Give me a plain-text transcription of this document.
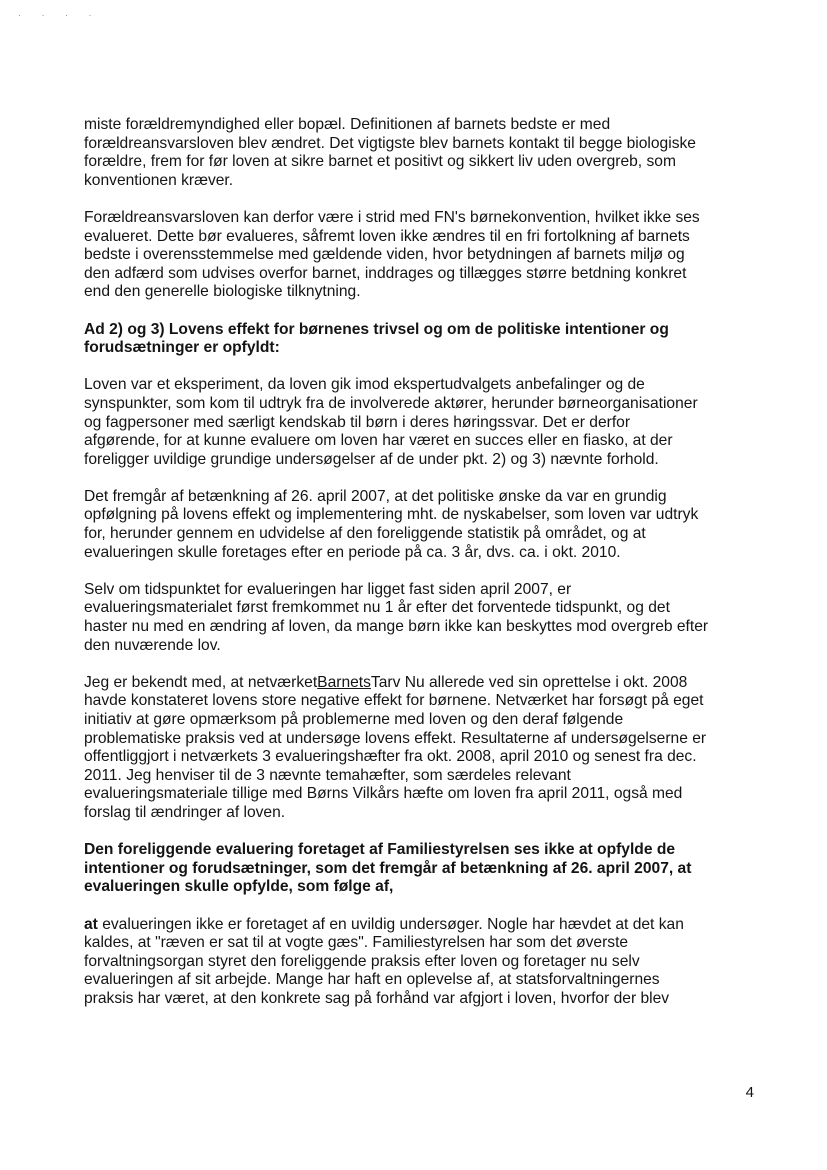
· · · ·

miste forældremyndighed eller bopæl. Definitionen af barnets bedste er med
forældreansvarsloven blev ændret. Det vigtigste blev barnets kontakt til begge biologiske
forældre, frem for før loven at sikre barnet et positivt og sikkert liv uden overgreb, som
konventionen kræver.

Forældreansvarsloven kan derfor være i strid med FN's børnekonvention, hvilket ikke ses
evalueret. Dette bør evalueres, såfremt loven ikke ændres til en fri fortolkning af barnets
bedste i overensstemmelse med gældende viden, hvor betydningen af barnets miljø og
den adfærd som udvises overfor barnet, inddrages og tillægges større betdning konkret
end den generelle biologiske tilknytning.

Ad 2) og 3) Lovens effekt for børnenes trivsel og om de politiske intentioner og
forudsætninger er opfyldt:

Loven var et eksperiment, da loven gik imod ekspertudvalgets anbefalinger og de
synspunkter, som kom til udtryk fra de involverede aktører, herunder børneorganisationer
og fagpersoner med særligt kendskab til børn i deres høringssvar. Det er derfor
afgørende, for at kunne evaluere om loven har været en succes eller en fiasko, at der
foreligger uvildige grundige undersøgelser af de under pkt. 2) og 3) nævnte forhold.

Det fremgår af betænkning af 26. april 2007, at det politiske ønske da var en grundig
opfølgning på lovens effekt og implementering mht. de nyskabelser, som loven var udtryk
for, herunder gennem en udvidelse af den foreliggende statistik på området, og at
evalueringen skulle foretages efter en periode på ca. 3 år, dvs. ca. i okt. 2010.

Selv om tidspunktet for evalueringen har ligget fast siden april 2007, er
evalueringsmaterialet først fremkommet nu 1 år efter det forventede tidspunkt, og det
haster nu med en ændring af loven, da mange børn ikke kan beskyttes mod overgreb efter
den nuværende lov.

Jeg er bekendt med, at netværketBarnetsTarv Nu allerede ved sin oprettelse i okt. 2008
havde konstateret lovens store negative effekt for børnene. Netværket har forsøgt på eget
initiativ at gøre opmærksom på problemerne med loven og den deraf følgende
problematiske praksis ved at undersøge lovens effekt. Resultaterne af undersøgelserne er
offentliggjort i netværkets 3 evalueringshæfter fra okt. 2008, april 2010 og senest fra dec.
2011. Jeg henviser til de 3 nævnte temahæfter, som særdeles relevant
evalueringsmateriale tillige med Børns Vilkårs hæfte om loven fra april 2011, også med
forslag til ændringer af loven.

Den foreliggende evaluering foretaget af Familiestyrelsen ses ikke at opfylde de
intentioner og forudsætninger, som det fremgår af betænkning af 26. april 2007, at
evalueringen skulle opfylde, som følge af,

at evalueringen ikke er foretaget af en uvildig undersøger. Nogle har hævdet at det kan
kaldes, at "ræven er sat til at vogte gæs". Familiestyrelsen har som det øverste
forvaltningsorgan styret den foreliggende praksis efter loven og foretager nu selv
evalueringen af sit arbejde. Mange har haft en oplevelse af, at statsforvaltningernes
praksis har været, at den konkrete sag på forhånd var afgjort i loven, hvorfor der blev

4
